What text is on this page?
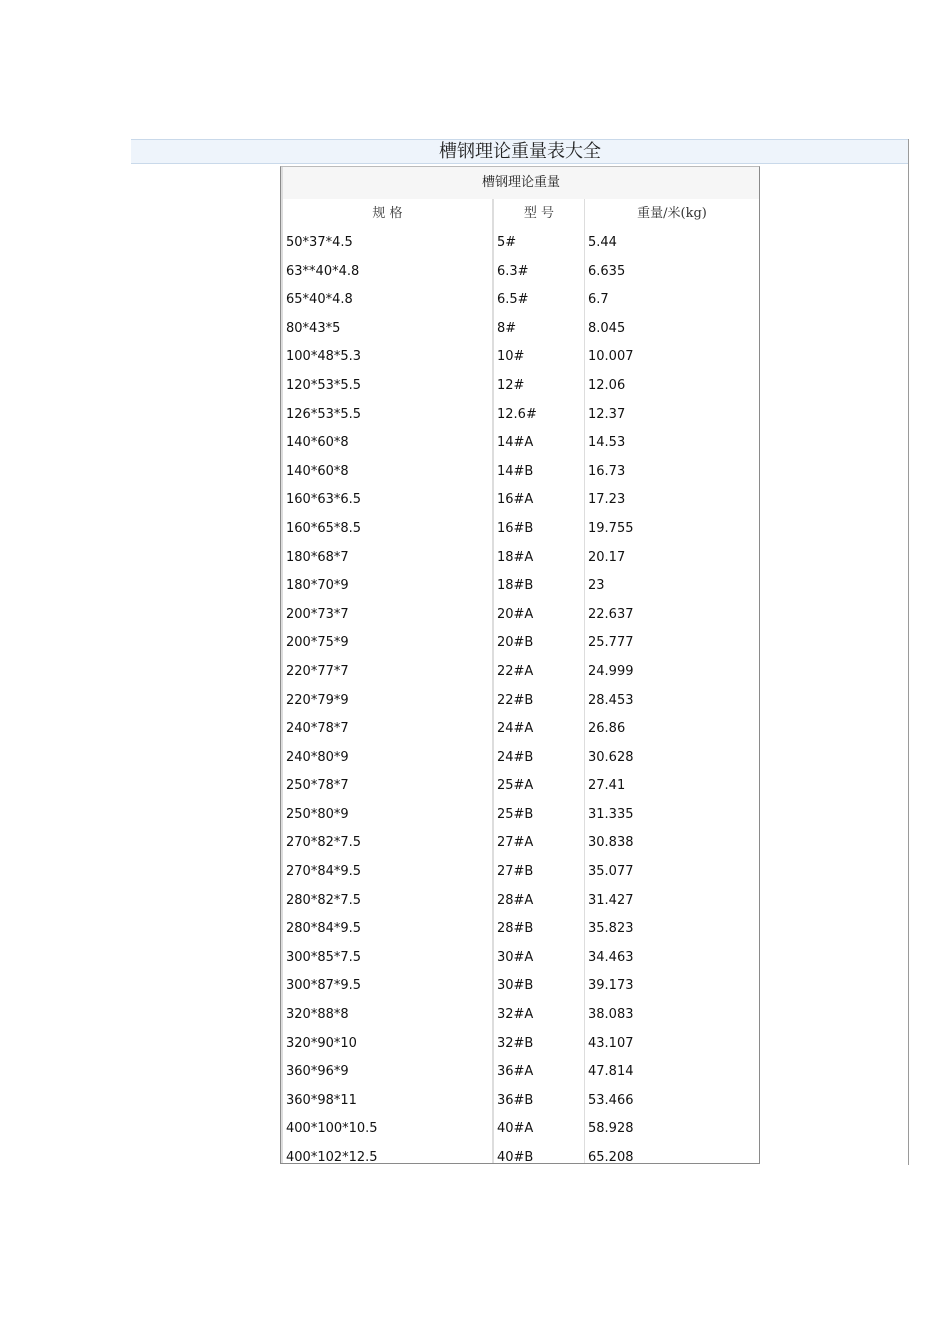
槽钢理论重量表大全
槽钢理论重量
规 格	型 号	重量/米(kg)
50*37*4.5	5#	5.44
63**40*4.8	6.3#	6.635
65*40*4.8	6.5#	6.7
80*43*5	8#	8.045
100*48*5.3	10#	10.007
120*53*5.5	12#	12.06
126*53*5.5	12.6#	12.37
140*60*8	14#A	14.53
140*60*8	14#B	16.73
160*63*6.5	16#A	17.23
160*65*8.5	16#B	19.755
180*68*7	18#A	20.17
180*70*9	18#B	23
200*73*7	20#A	22.637
200*75*9	20#B	25.777
220*77*7	22#A	24.999
220*79*9	22#B	28.453
240*78*7	24#A	26.86
240*80*9	24#B	30.628
250*78*7	25#A	27.41
250*80*9	25#B	31.335
270*82*7.5	27#A	30.838
270*84*9.5	27#B	35.077
280*82*7.5	28#A	31.427
280*84*9.5	28#B	35.823
300*85*7.5	30#A	34.463
300*87*9.5	30#B	39.173
320*88*8	32#A	38.083
320*90*10	32#B	43.107
360*96*9	36#A	47.814
360*98*11	36#B	53.466
400*100*10.5	40#A	58.928
400*102*12.5	40#B	65.208
